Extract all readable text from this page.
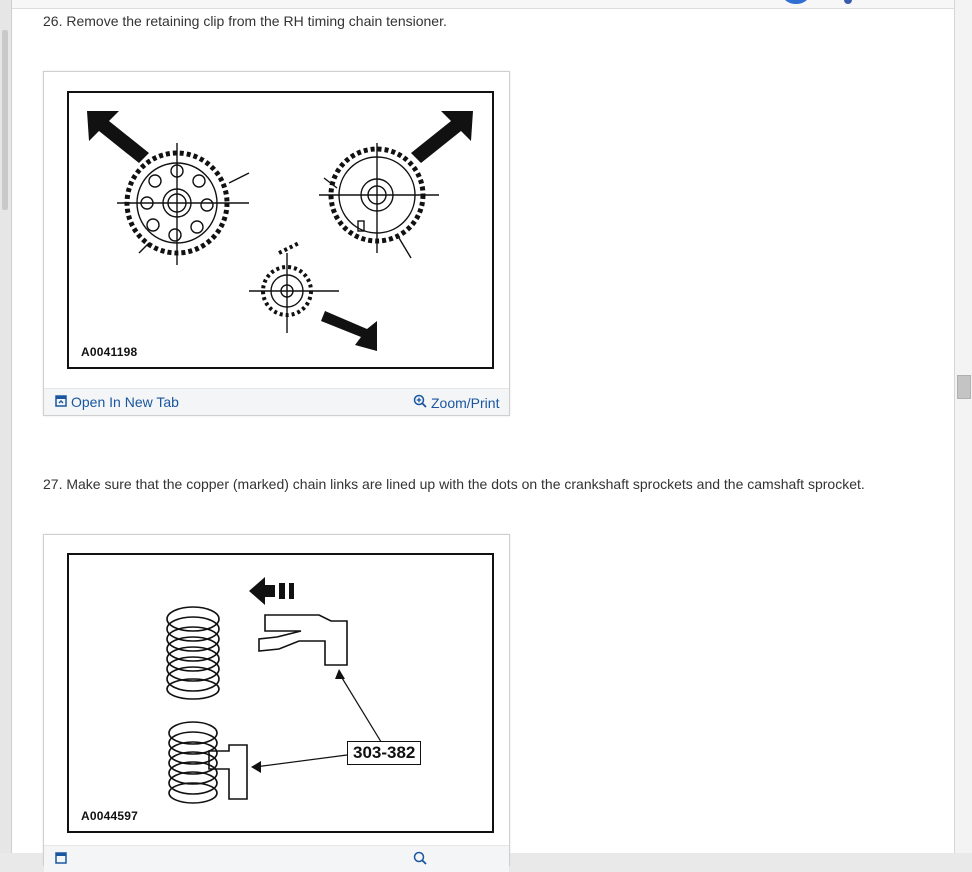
26. Remove the retaining clip from the RH timing chain tensioner.
A0041198
Open In New Tab	Zoom/Print
27. Make sure that the copper (marked) chain links are lined up with the dots on the crankshaft sprockets and the camshaft sprocket.
303-382
A0044597
